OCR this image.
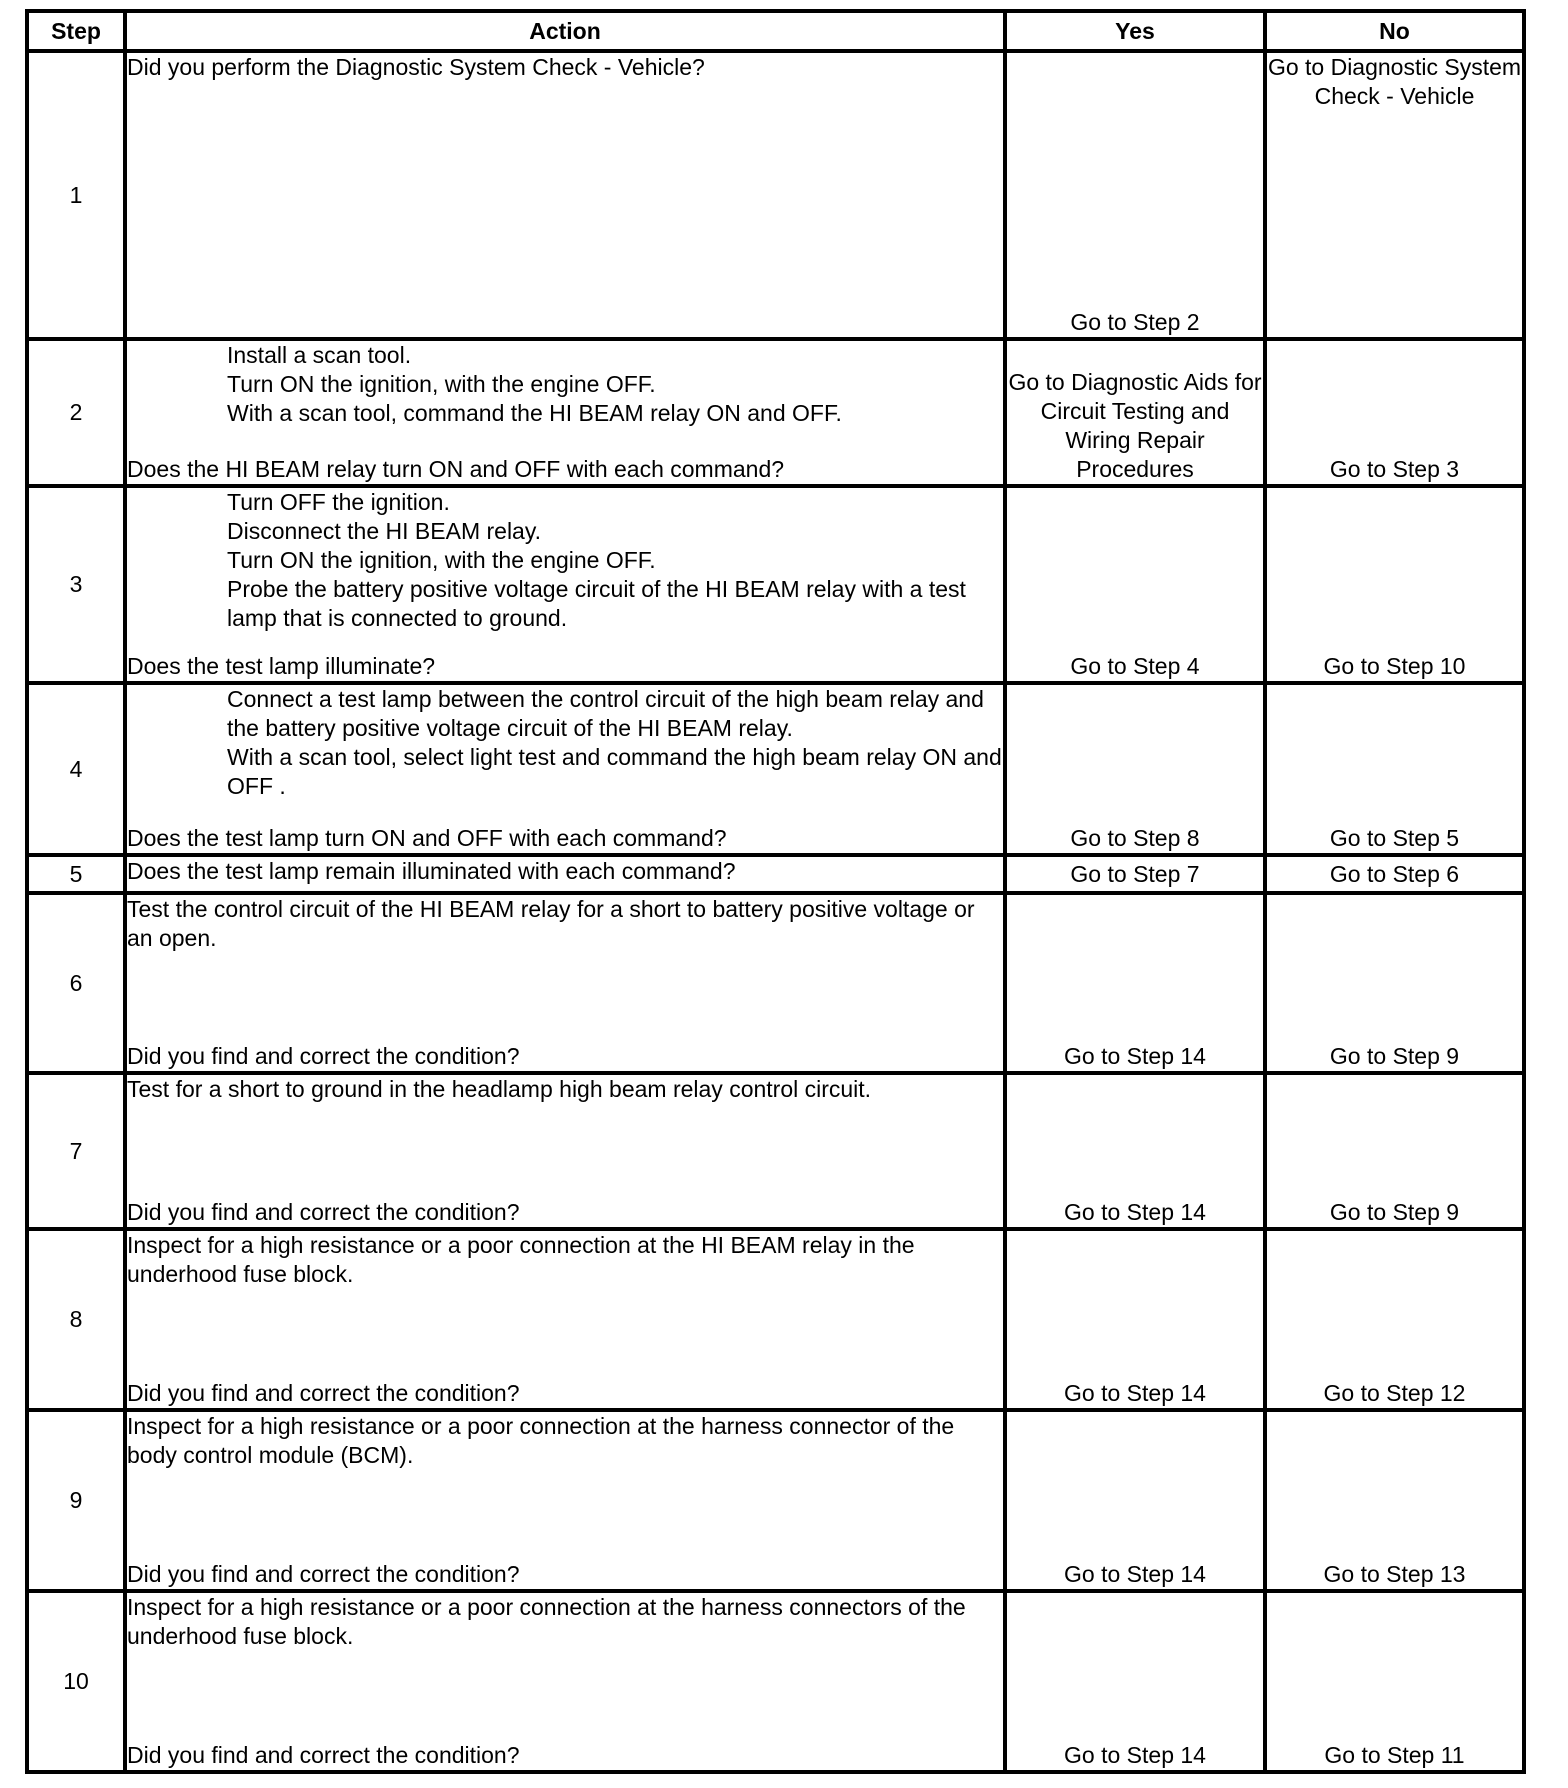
Step	Action	Yes	No
1	Did you perform the Diagnostic System Check - Vehicle?	Go to Step 2	Go to Diagnostic System Check - Vehicle
2	Install a scan tool.
Turn ON the ignition, with the engine OFF.
With a scan tool, command the HI BEAM relay ON and OFF.
Does the HI BEAM relay turn ON and OFF with each command?	Go to Diagnostic Aids for Circuit Testing and Wiring Repair Procedures	Go to Step 3
3	Turn OFF the ignition.
Disconnect the HI BEAM relay.
Turn ON the ignition, with the engine OFF.
Probe the battery positive voltage circuit of the HI BEAM relay with a test lamp that is connected to ground.
Does the test lamp illuminate?	Go to Step 4	Go to Step 10
4	Connect a test lamp between the control circuit of the high beam relay and the battery positive voltage circuit of the HI BEAM relay.
With a scan tool, select light test and command the high beam relay ON and OFF .
Does the test lamp turn ON and OFF with each command?	Go to Step 8	Go to Step 5
5	Does the test lamp remain illuminated with each command?	Go to Step 7	Go to Step 6
6	Test the control circuit of the HI BEAM relay for a short to battery positive voltage or an open.
Did you find and correct the condition?	Go to Step 14	Go to Step 9
7	Test for a short to ground in the headlamp high beam relay control circuit.
Did you find and correct the condition?	Go to Step 14	Go to Step 9
8	Inspect for a high resistance or a poor connection at the HI BEAM relay in the underhood fuse block.
Did you find and correct the condition?	Go to Step 14	Go to Step 12
9	Inspect for a high resistance or a poor connection at the harness connector of the body control module (BCM).
Did you find and correct the condition?	Go to Step 14	Go to Step 13
10	Inspect for a high resistance or a poor connection at the harness connectors of the underhood fuse block.
Did you find and correct the condition?	Go to Step 14	Go to Step 11
